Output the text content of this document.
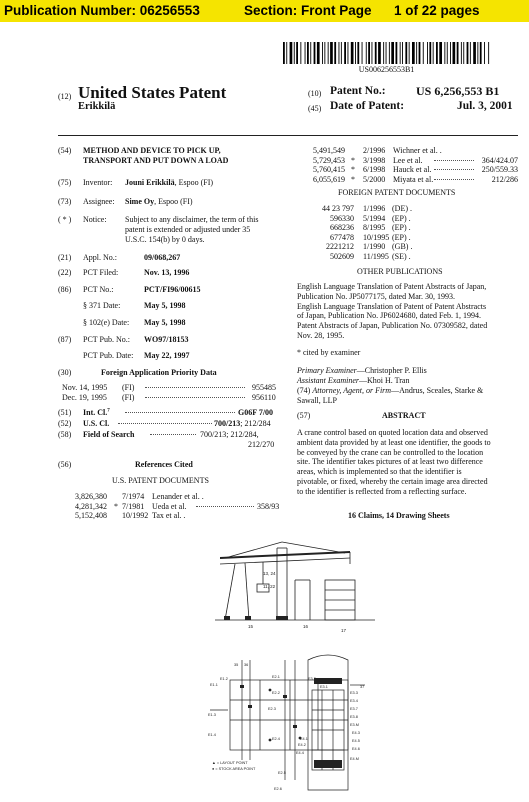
Publication Number: 06256553	Section: Front Page 1 of 22 pages
US006256553B1
(12) United States Patent
Erikkilä
(10) Patent No.:	US 6,256,553 B1
(45) Date of Patent:	Jul. 3, 2001
(54) METHOD AND DEVICE TO PICK UP,
TRANSPORT AND PUT DOWN A LOAD
(75) Inventor: Jouni Erikkilä, Espoo (FI)
(73) Assignee: Sime Oy, Espoo (FI)
( * ) Notice: Subject to any disclaimer, the term of this
patent is extended or adjusted under 35
U.S.C. 154(b) by 0 days.
(21) Appl. No.:	09/068,267
(22) PCT Filed:	Nov. 13, 1996
(86) PCT No.:	PCT/FI96/00615
§ 371 Date:	May 5, 1998
§ 102(e) Date: May 5, 1998
(87) PCT Pub. No.: WO97/18153
PCT Pub. Date: May 22, 1997
(30)	Foreign Application Priority Data
Nov. 14, 1995 (FI)	955485
Dec. 19, 1995 (FI)	956110
(51) Int. Cl.$^7$	G06F 7/00
(52) U.S. Cl.	700/213; 212/284
(58) Field of Search	700/213; 212/284,
212/270
(56)	References Cited
U.S. PATENT DOCUMENTS
3,826,380 7/1974 Lenander et al. .
4,281,342 * 7/1981 Ueda et al.	358/93
5,152,408 10/1992 Tax et al. .
5,491,549 2/1996 Wichner et al. .
5,729,453 * 3/1998 Lee et al.	364/424.07
5,760,415 * 6/1998 Hauck et al.	250/559.33
6,055,619 * 5/2000 Miyata et al.	212/286
FOREIGN PATENT DOCUMENTS
44 23 797 1/1996 (DE) .
596330 5/1994 (EP) .
668236 8/1995 (EP) .
677478 10/1995 (EP) .
2221212 1/1990 (GB) .
502609 11/1995 (SE) .
OTHER PUBLICATIONS
English Language Translation of Patent Abstracts of Japan,
Publication No. JP5077175, dated Mar. 30, 1993.
English Language Translation of Patent of Patent Abstracts
of Japan, Publication No. JP6024680, dated Feb. 1, 1994.
Patent Abstracts of Japan, Publication No. 07309582, dated
Nov. 28, 1995.
* cited by examiner
Primary Examiner—Christopher P. Ellis
Assistant Examiner—Khoi H. Tran
(74) Attorney, Agent, or Firm—Andrus, Sceales, Starke &
Sawall, LLP
(57)	ABSTRACT
A crane control based on quoted location data and observed
ambient data provided by at least one identifier, the goods to
be conveyed by the crane can be controlled to the location
site. The identifier takes pictures of at least two difference
areas, which is implemented so that the identifier is
pivotable, or fixed, whereby the certain image area directed
to the identifier is reflected from a reflecting surface.
16 Claims, 14 Drawing Sheets
13, 24
11, 22
15	16
17
E1.1
E1.2
E1.3
E1.4
E2.1
E2.2
E2.3
E2.4
E2.5
E2.6
E3.1
E3.2
E3.3
E3.4
E4.1
E4.2
E4.3
E4.4
E4.5
E4.6
E3.7
E3.8
E3.M
E4.M
35 36
37
▲ = LAYOUT POINT
● = STOCK AREA POINT
